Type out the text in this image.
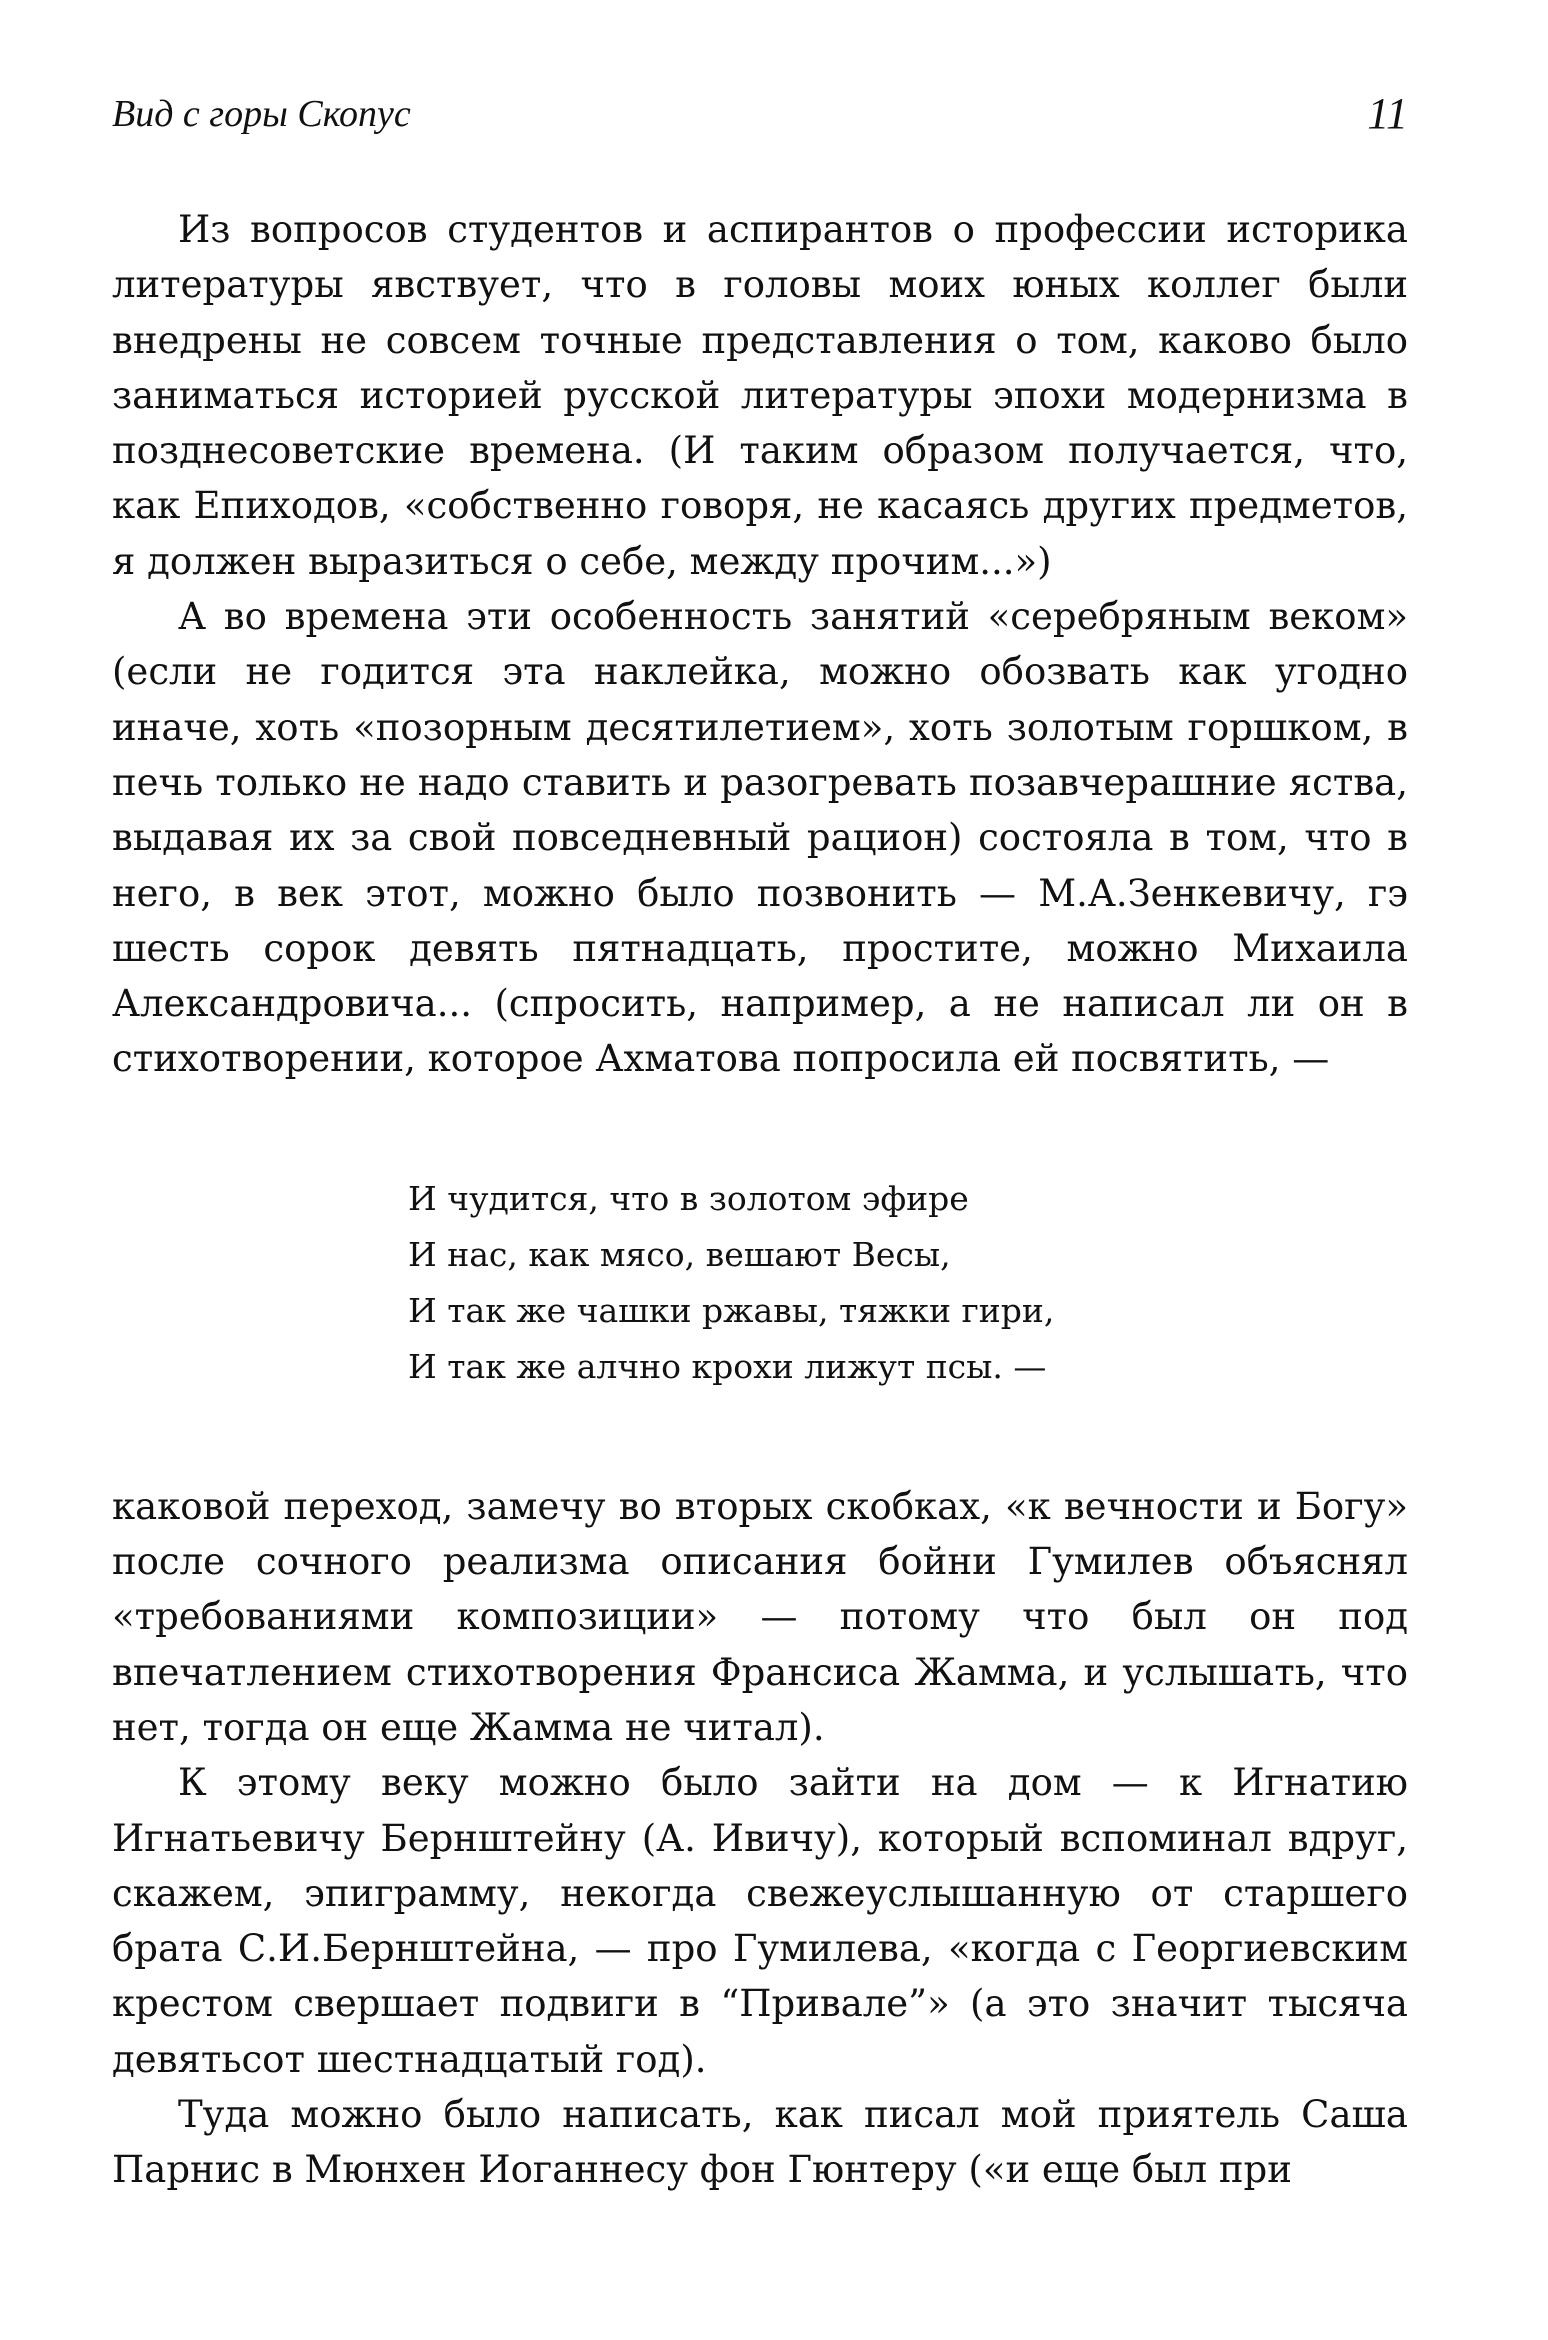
Вид с горы Скопус	11

Из вопросов студентов и аспирантов о профессии историка литературы явствует, что в головы моих юных коллег были внедрены не совсем точные представления о том, каково было заниматься историей русской литературы эпохи модернизма в позднесоветские времена. (И таким образом получается, что, как Епиходов, «собственно говоря, не касаясь других предметов, я должен выразиться о себе, между прочим...»)

А во времена эти особенность занятий «серебряным веком» (если не годится эта наклейка, можно обозвать как угодно иначе, хоть «позорным десятилетием», хоть золотым горшком, в печь только не надо ставить и разогревать позавчерашние яства, выдавая их за свой повседневный рацион) состояла в том, что в него, в век этот, можно было позвонить — М.А.Зенкевичу, гэ шесть сорок девять пятнадцать, простите, можно Михаила Александровича... (спросить, например, а не написал ли он в стихотворении, которое Ахматова попросила ей посвятить, —

И чудится, что в золотом эфире
И нас, как мясо, вешают Весы,
И так же чашки ржавы, тяжки гири,
И так же алчно крохи лижут псы. —

каковой переход, замечу во вторых скобках, «к вечности и Богу» после сочного реализма описания бойни Гумилев объяснял «требованиями композиции» — потому что был он под впечатлением стихотворения Франсиса Жамма, и услышать, что нет, тогда он еще Жамма не читал).

К этому веку можно было зайти на дом — к Игнатию Игнатьевичу Бернштейну (А. Ивичу), который вспоминал вдруг, скажем, эпиграмму, некогда свежеуслышанную от старшего брата С.И.Бернштейна, — про Гумилева, «когда с Георгиевским крестом свершает подвиги в “Привале”» (а это значит тысяча девятьсот шестнадцатый год).

Туда можно было написать, как писал мой приятель Саша Парнис в Мюнхен Иоганнесу фон Гюнтеру («и еще был при
